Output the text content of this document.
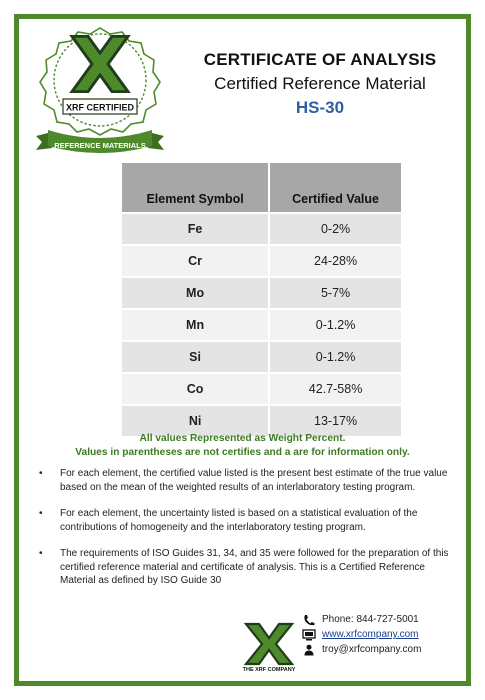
XRF CERTIFIED
REFERENCE MATERIALS
CERTIFICATE OF ANALYSIS
Certified Reference Material
HS-30
Element Symbol	Certified Value
Fe	0-2%
Cr	24-28%
Mo	5-7%
Mn	0-1.2%
Si	0-1.2%
Co	42.7-58%
Ni	13-17%
All values Represented as Weight Percent.
Values in parentheses are not certifies and a are for information only.
• For each element, the certified value listed is the present best estimate of the true value based on the mean of the weighted results of an interlaboratory testing program.
• For each element, the uncertainty listed is based on a statistical evaluation of the contributions of homogeneity and the interlaboratory testing program.
• The requirements of ISO Guides 31, 34, and 35 were followed for the preparation of this certified reference material and certificate of analysis. This is a Certified Reference Material as defined by ISO Guide 30
Phone: 844-727-5001
www.xrfcompany.com
troy@xrfcompany.com
THE XRF COMPANY
